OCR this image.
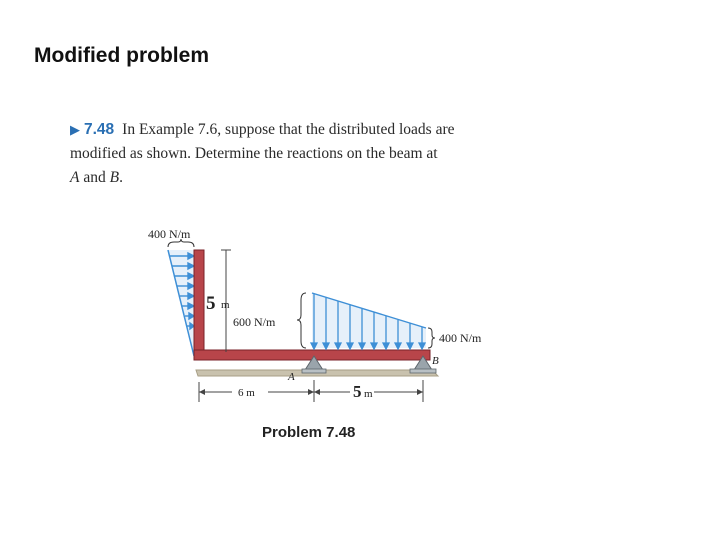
Modified problem
▶ 7.48 In Example 7.6, suppose that the distributed loads are
modified as shown. Determine the reactions on the beam at
A and B.
400 N/m
5 m
600 N/m
400 N/m
A
B
6 m	5 m
Problem 7.48
